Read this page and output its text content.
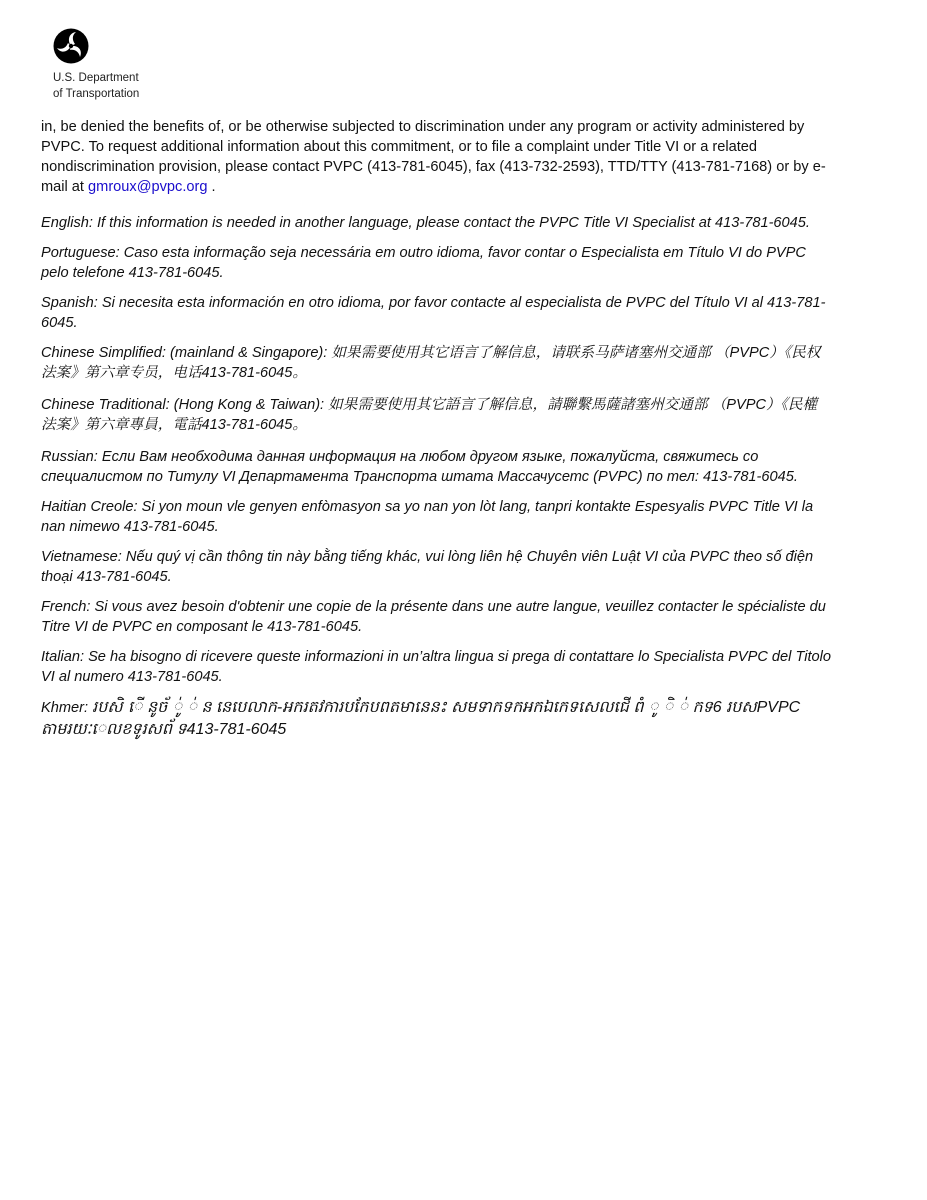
U.S. Department
of Transportation

in, be denied the benefits of, or be otherwise subjected to discrimination under any program or activity administered by PVPC. To request additional information about this commitment, or to file a complaint under Title VI or a related nondiscrimination provision, please contact PVPC (413-781-6045), fax (413-732-2593), TTD/TTY (413-781-7168) or by e-mail at gmroux@pvpc.org .

English: If this information is needed in another language, please contact the PVPC Title VI Specialist at 413-781-6045.

Portuguese: Caso esta informação seja necessária em outro idioma, favor contar o Especialista em Título VI do PVPC pelo telefone 413-781-6045.

Spanish: Si necesita esta información en otro idioma, por favor contacte al especialista de PVPC del Título VI al 413-781-6045.

Chinese Simplified: (mainland & Singapore): 如果需要使用其它语言了解信息，请联系马萨诸塞州交通部 （PVPC）《民权法案》第六章专员，电话413-781-6045。

Chinese Traditional: (Hong Kong & Taiwan): 如果需要使用其它語言了解信息，請聯繫馬薩諸塞州交通部 （PVPC）《民權法案》第六章專員，電話413-781-6045。

Russian: Если Вам необходима данная информация на любом другом языке, пожалуйста, свяжитесь со специалистом по Титулу VI Департамента Транспорта штата Массачусетс (PVPC) по тел: 413-781-6045.

Haitian Creole: Si yon moun vle genyen enfòmasyon sa yo nan yon lòt lang, tanpri kontakte Espesyalis PVPC Title VI la nan nimewo 413-781-6045.

Vietnamese: Nếu quý vị cần thông tin này bằng tiếng khác, vui lòng liên hệ Chuyên viên Luật VI của PVPC theo số điện thoại 413-781-6045.

French: Si vous avez besoin d'obtenir une copie de la présente dans une autre langue, veuillez contacter le spécialiste du Titre VI de PVPC en composant le 413-781-6045.

Italian: Se ha bisogno di ricevere queste informazioni in un’altra lingua si prega di contattare lo Specialista PVPC del Titolo VI al numero 413-781-6045.

Khmer: របសិ ើ នូច័ ់ូ ់ ន នេបេលាក-អករតវការបកែបពតមានេនះ សមទាកទកអកឯកេទសេលជើ ពំ ូ ិ ់ កទ6 របសPVPC តាមរយៈេលខទូរសព័ ទ413-781-6045
